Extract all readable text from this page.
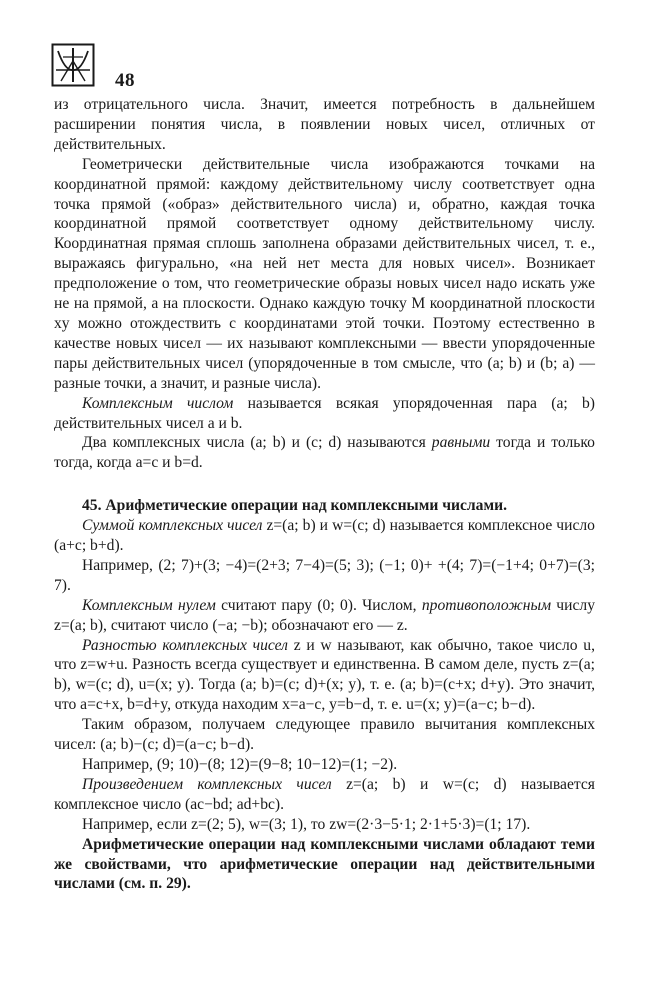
48

из отрицательного числа. Значит, имеется потребность в дальнейшем расширении понятия числа, в появлении новых чисел, отличных от действительных.

Геометрически действительные числа изображаются точками на координатной прямой: каждому действительному числу соответствует одна точка прямой («образ» действительного числа) и, обратно, каждая точка координатной прямой соответствует одному действительному числу. Координатная прямая сплошь заполнена образами действительных чисел, т. е., выражаясь фигурально, «на ней нет места для новых чисел». Возникает предположение о том, что геометрические образы новых чисел надо искать уже не на прямой, а на плоскости. Однако каждую точку M координатной плоскости xy можно отождествить с координатами этой точки. Поэтому естественно в качестве новых чисел — их называют комплексными — ввести упорядоченные пары действительных чисел (упорядоченные в том смысле, что (a; b) и (b; a) — разные точки, а значит, и разные числа).

Комплексным числом называется всякая упорядоченная пара (a; b) действительных чисел a и b.

Два комплексных числа (a; b) и (c; d) называются равными тогда и только тогда, когда a=c и b=d.

45. Арифметические операции над комплексными числами.

Суммой комплексных чисел z=(a; b) и w=(c; d) называется комплексное число (a+c; b+d).

Например, (2; 7)+(3; −4)=(2+3; 7−4)=(5; 3); (−1; 0)+ +(4; 7)=(−1+4; 0+7)=(3; 7).

Комплексным нулем считают пару (0; 0). Числом, противоположным числу z=(a; b), считают число (−a; −b); обозначают его — z.

Разностью комплексных чисел z и w называют, как обычно, такое число u, что z=w+u. Разность всегда существует и единственна. В самом деле, пусть z=(a; b), w=(c; d), u=(x; y). Тогда (a; b)=(c; d)+(x; y), т. е. (a; b)=(c+x; d+y). Это значит, что a=c+x, b=d+y, откуда находим x=a−c, y=b−d, т. е. u=(x; y)=(a−c; b−d).

Таким образом, получаем следующее правило вычитания комплексных чисел: (a; b)−(c; d)=(a−c; b−d).

Например, (9; 10)−(8; 12)=(9−8; 10−12)=(1; −2).

Произведением комплексных чисел z=(a; b) и w=(c; d) называется комплексное число (ac−bd; ad+bc).

Например, если z=(2; 5), w=(3; 1), то zw=(2·3−5·1; 2·1+5·3)=(1; 17).

Арифметические операции над комплексными числами обладают теми же свойствами, что арифметические операции над действительными числами (см. п. 29).
